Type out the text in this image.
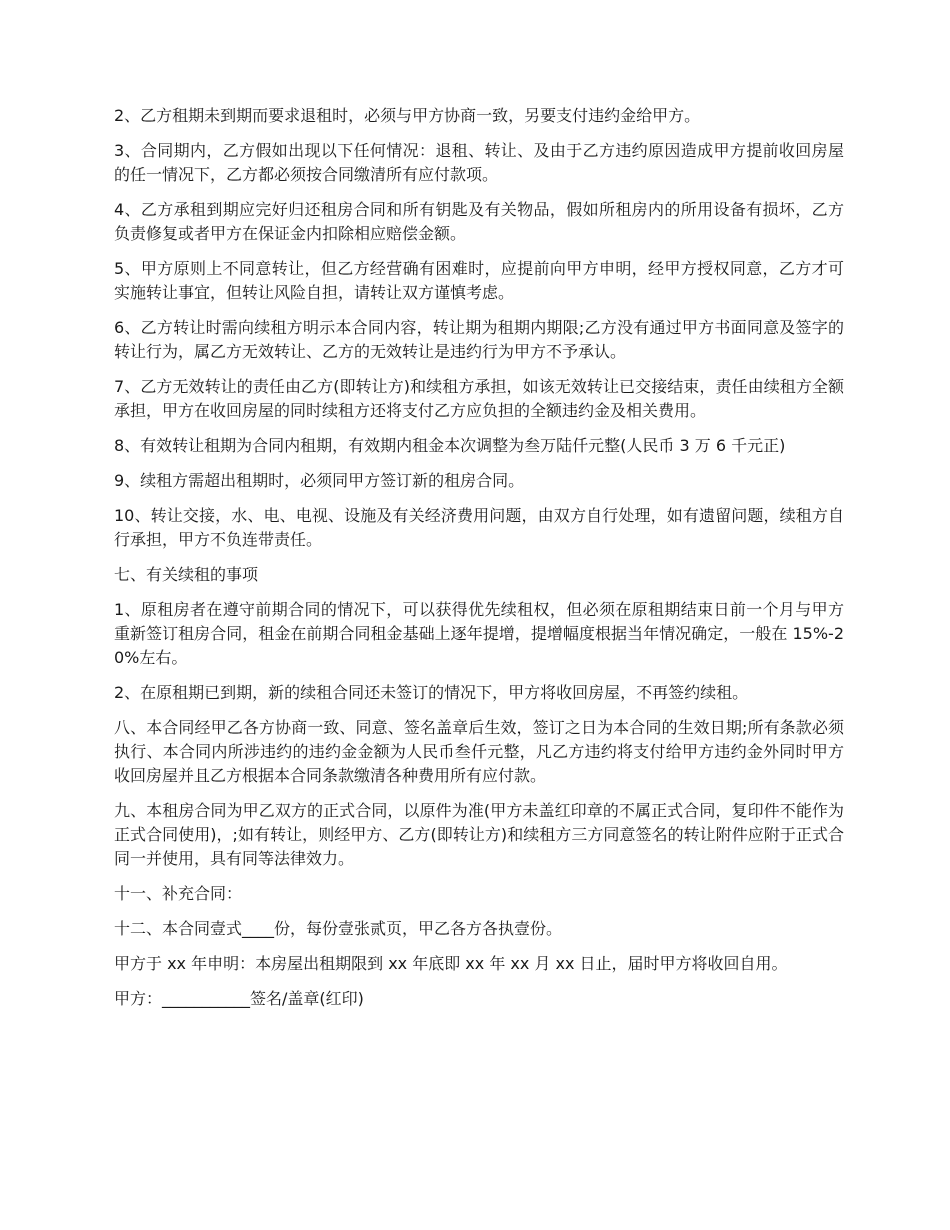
2、乙方租期未到期而要求退租时，必须与甲方协商一致，另要支付违约金给甲方。

3、合同期内，乙方假如出现以下任何情况：退租、转让、及由于乙方违约原因造成甲方提前收回房屋的任一情况下，乙方都必须按合同缴清所有应付款项。

4、乙方承租到期应完好归还租房合同和所有钥匙及有关物品，假如所租房内的所用设备有损坏，乙方负责修复或者甲方在保证金内扣除相应赔偿金额。

5、甲方原则上不同意转让，但乙方经营确有困难时，应提前向甲方申明，经甲方授权同意，乙方才可实施转让事宜，但转让风险自担，请转让双方谨慎考虑。

6、乙方转让时需向续租方明示本合同内容，转让期为租期内期限;乙方没有通过甲方书面同意及签字的转让行为，属乙方无效转让、乙方的无效转让是违约行为甲方不予承认。

7、乙方无效转让的责任由乙方(即转让方)和续租方承担，如该无效转让已交接结束，责任由续租方全额承担，甲方在收回房屋的同时续租方还将支付乙方应负担的全额违约金及相关费用。

8、有效转让租期为合同内租期，有效期内租金本次调整为叁万陆仟元整(人民币 3 万 6 千元正)

9、续租方需超出租期时，必须同甲方签订新的租房合同。

10、转让交接，水、电、电视、设施及有关经济费用问题，由双方自行处理，如有遗留问题，续租方自行承担，甲方不负连带责任。

七、有关续租的事项

1、原租房者在遵守前期合同的情况下，可以获得优先续租权，但必须在原租期结束日前一个月与甲方重新签订租房合同，租金在前期合同租金基础上逐年提增，提增幅度根据当年情况确定，一般在 15%-20%左右。

2、在原租期已到期，新的续租合同还未签订的情况下，甲方将收回房屋，不再签约续租。

八、本合同经甲乙各方协商一致、同意、签名盖章后生效，签订之日为本合同的生效日期;所有条款必须执行、本合同内所涉违约的违约金金额为人民币叁仟元整，凡乙方违约将支付给甲方违约金外同时甲方收回房屋并且乙方根据本合同条款缴清各种费用所有应付款。

九、本租房合同为甲乙双方的正式合同，以原件为准(甲方未盖红印章的不属正式合同，复印件不能作为正式合同使用)，;如有转让，则经甲方、乙方(即转让方)和续租方三方同意签名的转让附件应附于正式合同一并使用，具有同等法律效力。

十一、补充合同：

十二、本合同壹式____份，每份壹张贰页，甲乙各方各执壹份。

甲方于 xx 年申明：本房屋出租期限到 xx 年底即 xx 年 xx 月 xx 日止，届时甲方将收回自用。

甲方：___________签名/盖章(红印)
